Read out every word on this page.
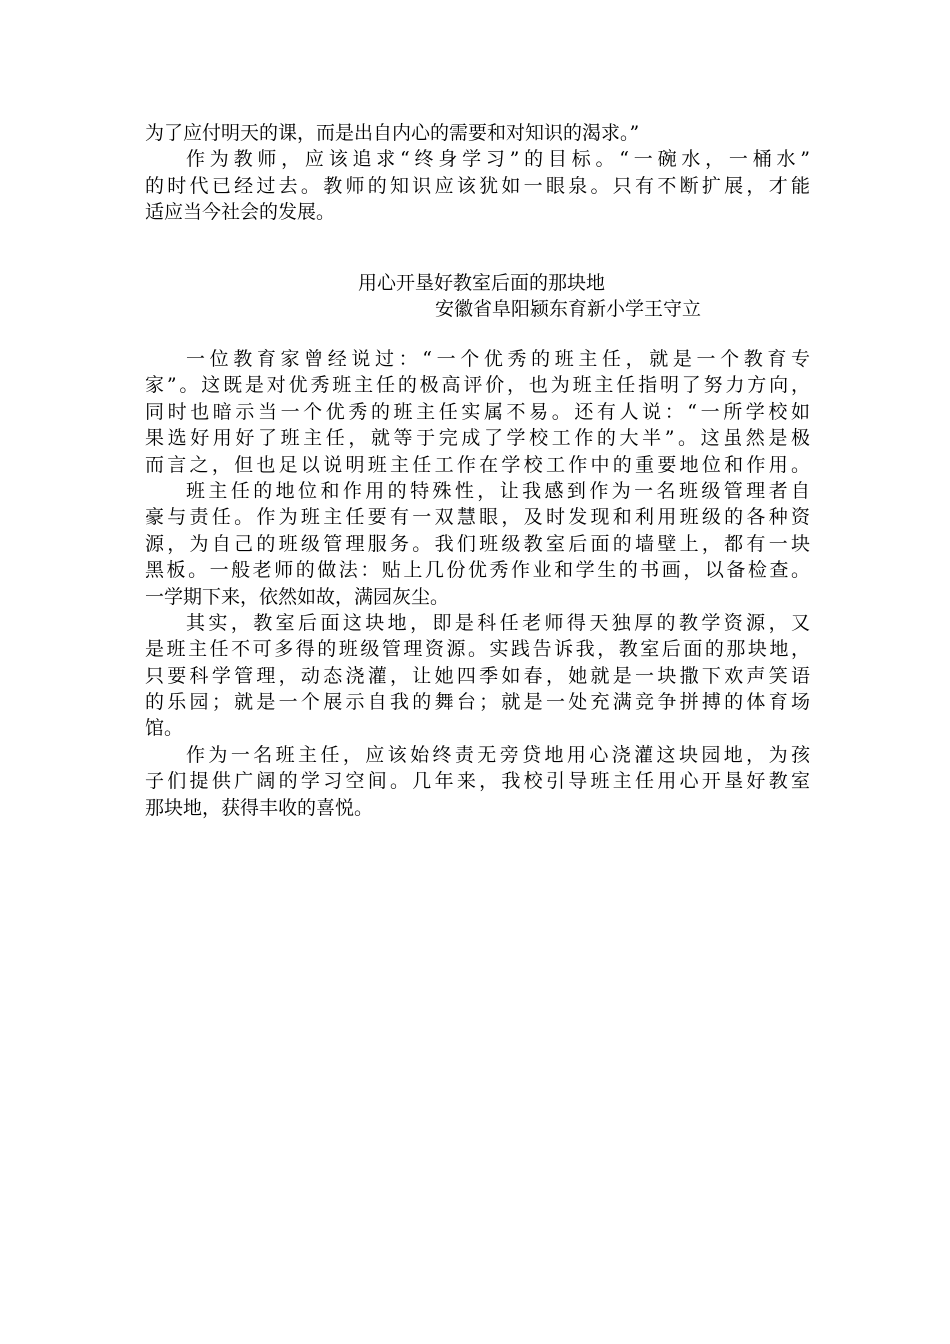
为了应付明天的课，而是出自内心的需要和对知识的渴求。”
作为教师，应该追求“终身学习”的目标。“一碗水，一桶水”
的时代已经过去。教师的知识应该犹如一眼泉。只有不断扩展，才能
适应当今社会的发展。
用心开垦好教室后面的那块地
安徽省阜阳颍东育新小学王守立
一位教育家曾经说过：“一个优秀的班主任，就是一个教育专
家”。这既是对优秀班主任的极高评价，也为班主任指明了努力方向，
同时也暗示当一个优秀的班主任实属不易。还有人说：“一所学校如
果选好用好了班主任，就等于完成了学校工作的大半”。这虽然是极
而言之，但也足以说明班主任工作在学校工作中的重要地位和作用。
班主任的地位和作用的特殊性，让我感到作为一名班级管理者自
豪与责任。作为班主任要有一双慧眼，及时发现和利用班级的各种资
源，为自己的班级管理服务。我们班级教室后面的墙壁上，都有一块
黑板。一般老师的做法：贴上几份优秀作业和学生的书画，以备检查。
一学期下来，依然如故，满园灰尘。
其实，教室后面这块地，即是科任老师得天独厚的教学资源，又
是班主任不可多得的班级管理资源。实践告诉我，教室后面的那块地，
只要科学管理，动态浇灌，让她四季如春，她就是一块撒下欢声笑语
的乐园；就是一个展示自我的舞台；就是一处充满竞争拼搏的体育场
馆。
作为一名班主任，应该始终责无旁贷地用心浇灌这块园地，为孩
子们提供广阔的学习空间。几年来，我校引导班主任用心开垦好教室
那块地，获得丰收的喜悦。
